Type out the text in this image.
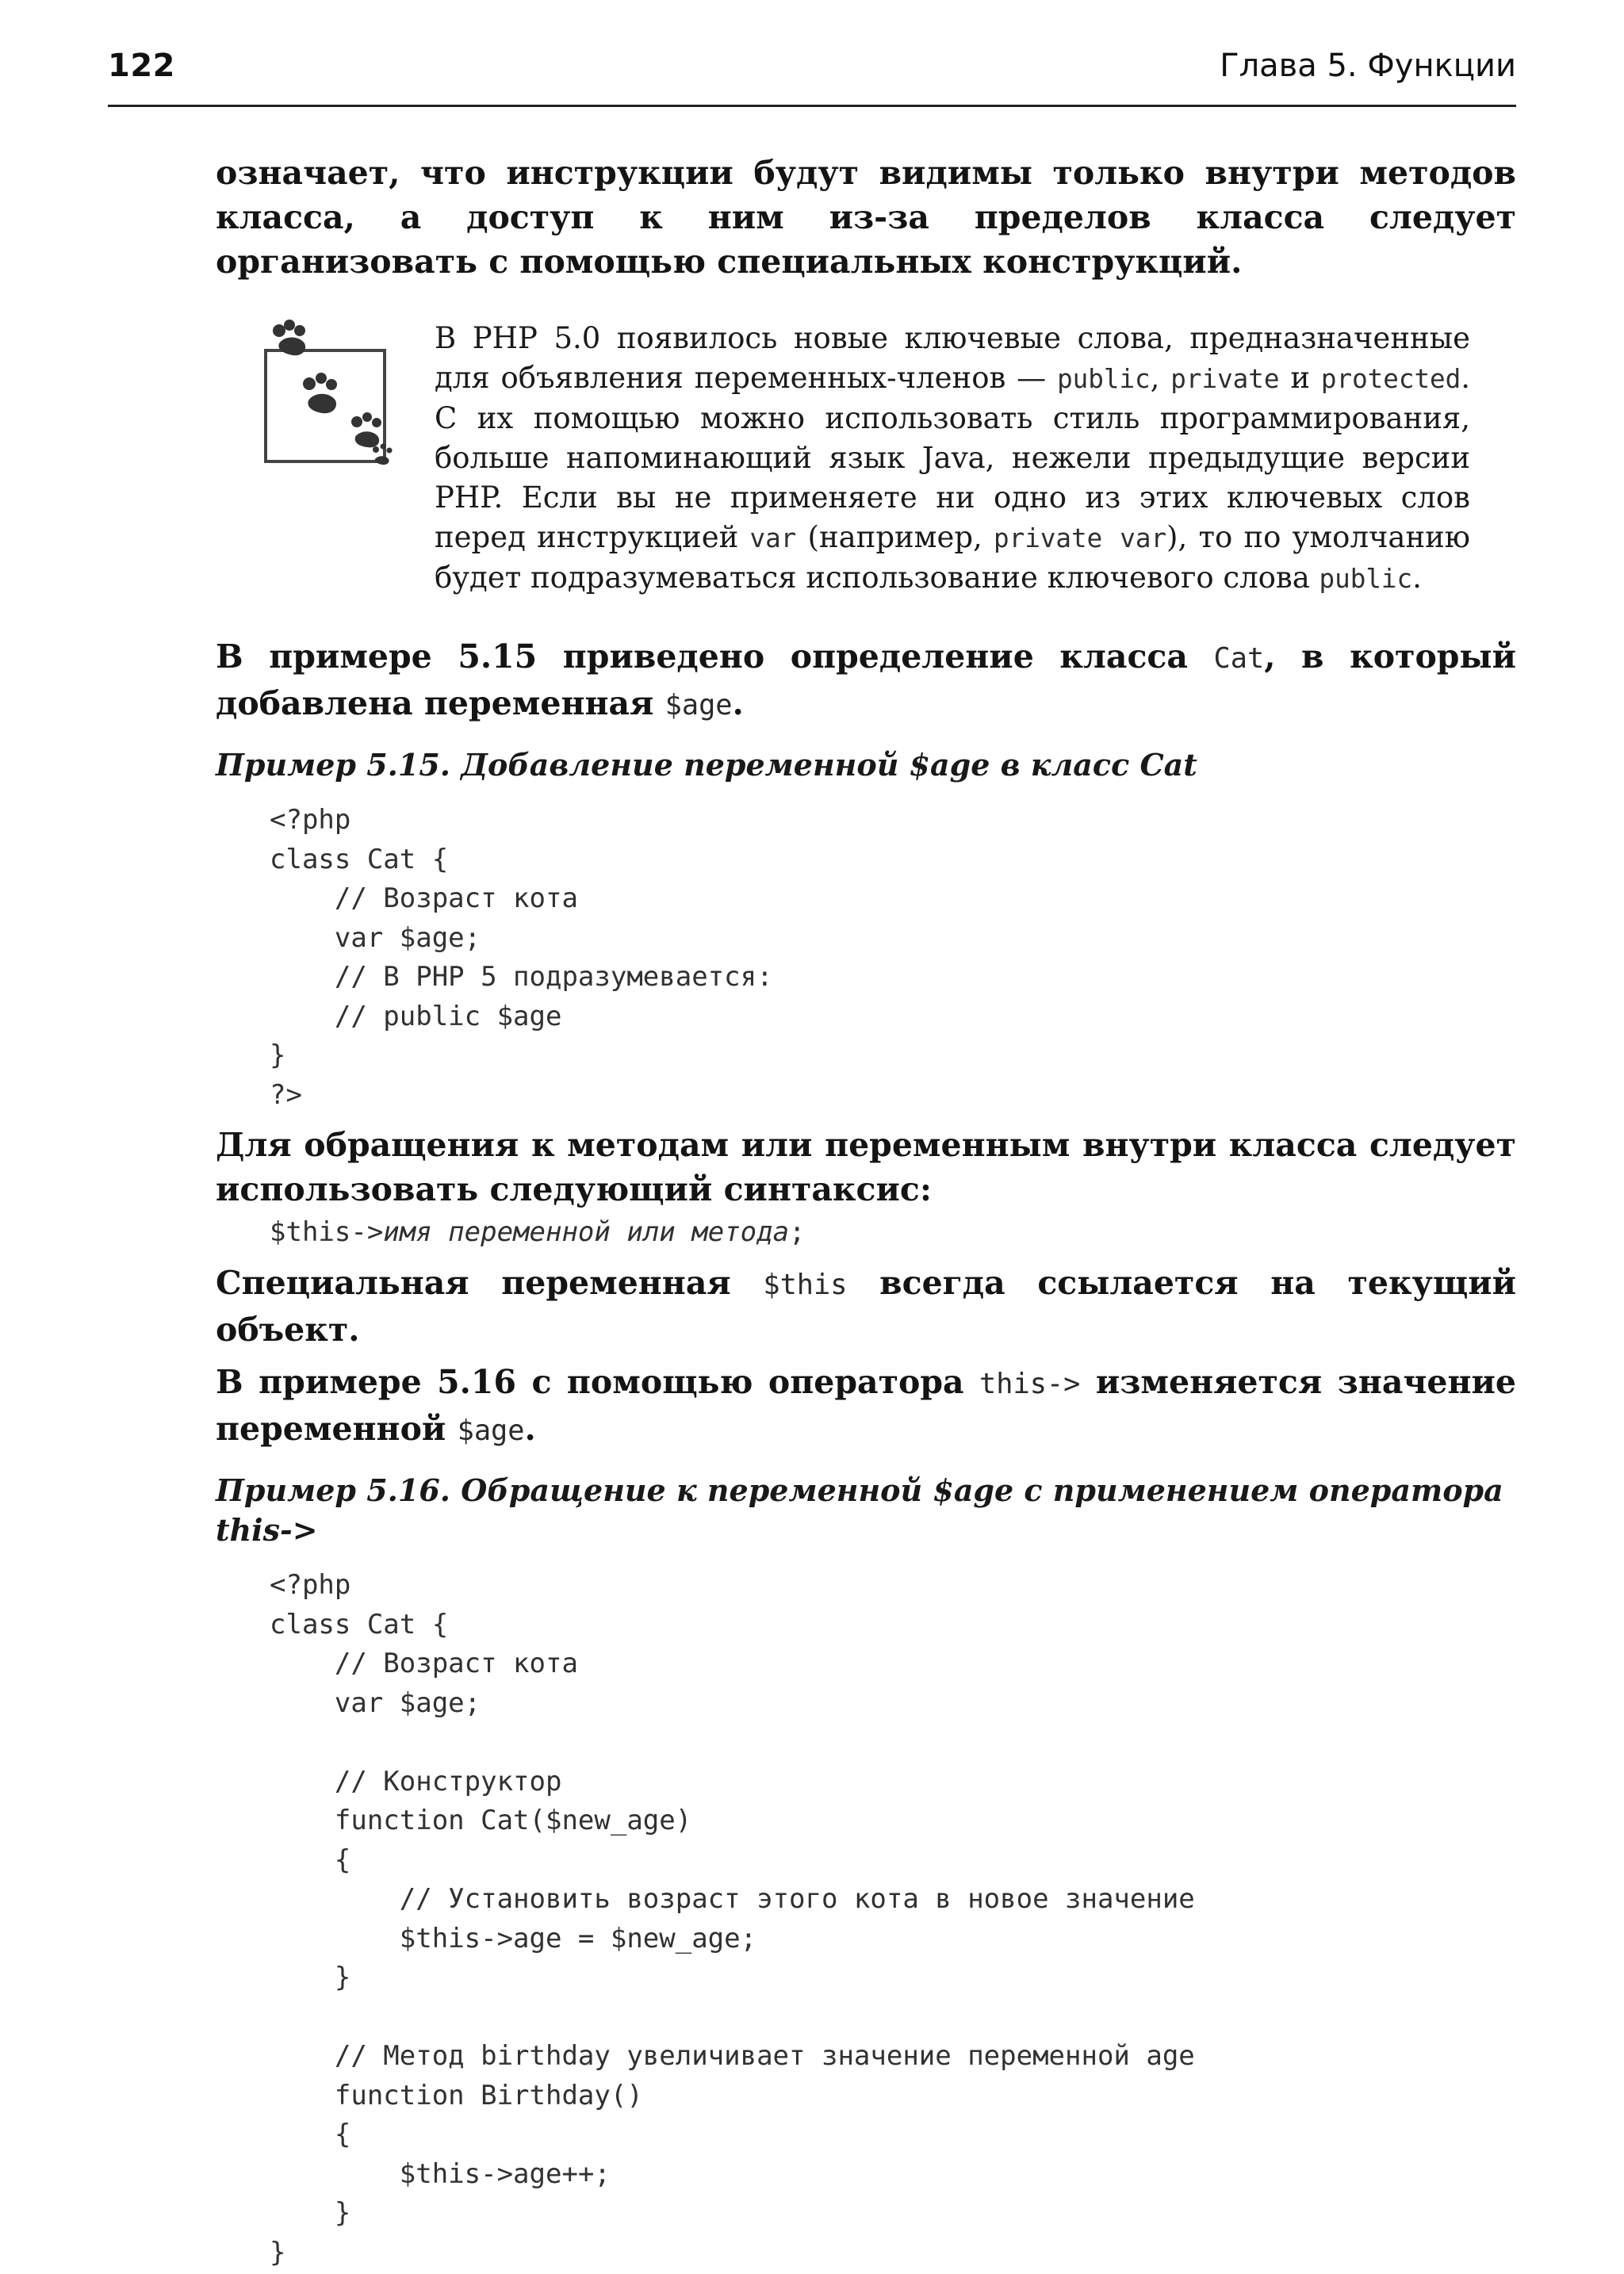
122	Глава 5. Функции

означает, что инструкции будут видимы только внутри методов класса, а доступ к ним из-за пределов класса следует организовать с помощью специальных конструкций.

В PHP 5.0 появилось новые ключевые слова, предназначенные для объявления переменных-членов — public, private и protected. С их помощью можно использовать стиль программирования, больше напоминающий язык Java, нежели предыдущие версии PHP. Если вы не применяете ни одно из этих ключевых слов перед инструкцией var (например, private var), то по умолчанию будет подразумеваться использование ключевого слова public.

В примере 5.15 приведено определение класса Cat, в который добавлена переменная $age.

Пример 5.15. Добавление переменной $age в класс Cat
<?php
class Cat {
// Возраст кота
var $age;
// В PHP 5 подразумевается:
// public $age
}
?>

Для обращения к методам или переменным внутри класса следует использовать следующий синтаксис:

$this->имя переменной или метода;

Специальная переменная $this всегда ссылается на текущий объект.

В примере 5.16 с помощью оператора this-> изменяется значение переменной $age.

Пример 5.16. Обращение к переменной $age с применением оператора this->
<?php
class Cat {
// Возраст кота
var $age;

// Конструктор
function Cat($new_age)
{
// Установить возраст этого кота в новое значение
$this->age = $new_age;
}

// Метод birthday увеличивает значение переменной age
function Birthday()
{
$this->age++;
}
}
